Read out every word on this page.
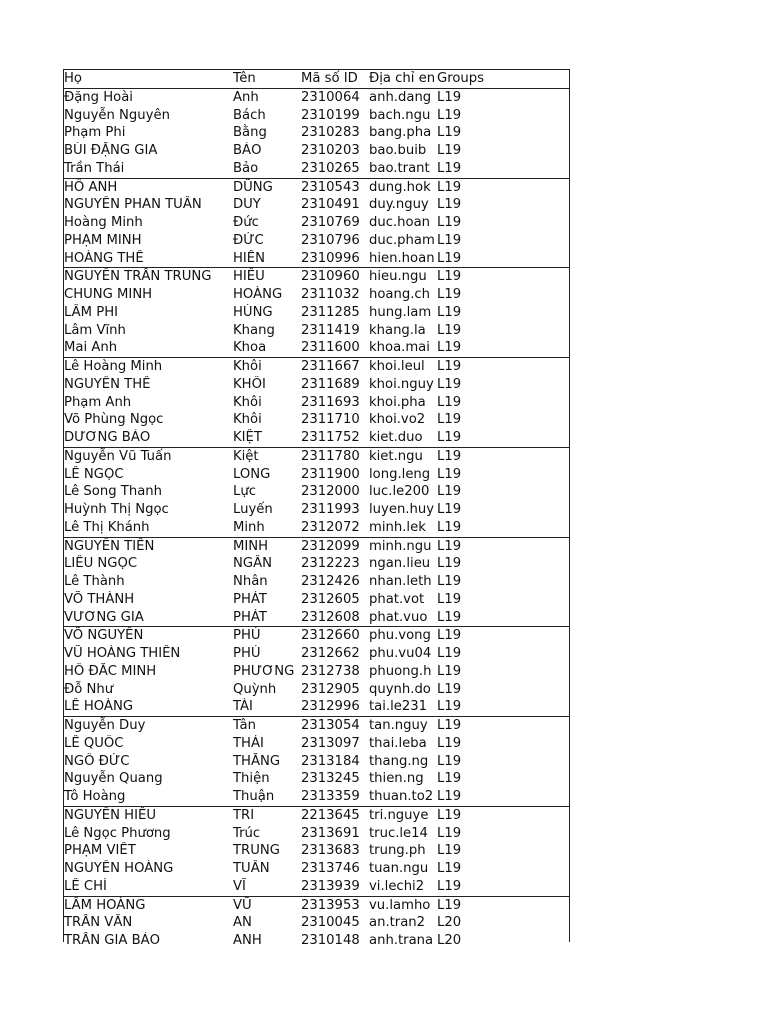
Họ	Tên	Mã số ID Địa chỉ en Groups
Đặng Hoài	Anh	2310064 anh.dang L19
Nguyễn Nguyên	Bách	2310199 bach.ngu L19
Phạm Phi	Bằng	2310283 bang.pha L19
BÙI ĐẶNG GIA	BẢO	2310203 bao.buib L19
Trần Thái	Bảo	2310265 bao.trant L19
HỒ ANH	DŨNG	2310543 dung.hok L19
NGUYỄN PHAN TUẤN	DUY	2310491 duy.nguy L19
Hoàng Minh	Đức	2310769 duc.hoan L19
PHẠM MINH	ĐỨC	2310796 duc.pham L19
HOÀNG THẾ	HIỀN	2310996 hien.hoan L19
NGUYỄN TRẦN TRUNG	HIẾU	2310960 hieu.ngu L19
CHUNG MINH	HOÀNG	2311032 hoang.ch L19
LÂM PHI	HÙNG	2311285 hung.lam L19
Lâm Vĩnh	Khang	2311419 khang.la L19
Mai Anh	Khoa	2311600 khoa.mai L19
Lê Hoàng Minh	Khôi	2311667 khoi.leul L19
NGUYỄN THẾ	KHÔI	2311689 khoi.nguy L19
Phạm Anh	Khôi	2311693 khoi.pha L19
Võ Phùng Ngọc	Khôi	2311710 khoi.vo2 L19
DƯƠNG BẢO	KIỆT	2311752 kiet.duo	L19
Nguyễn Vũ Tuấn	Kiệt	2311780 kiet.ngu	L19
LÊ NGỌC	LONG	2311900 long.leng L19
Lê Song Thanh	Lực	2312000 luc.le200 L19
Huỳnh Thị Ngọc	Luyến	2311993 luyen.huy L19
Lê Thị Khánh	Minh	2312072 minh.lek L19
NGUYỄN TIẾN	MINH	2312099 minh.ngu L19
LIÊU NGỌC	NGÂN	2312223 ngan.lieu L19
Lê Thành	Nhân	2312426 nhan.leth L19
VÕ THÀNH	PHÁT	2312605 phat.vot L19
VƯƠNG GIA	PHÁT	2312608 phat.vuo L19
VÕ NGUYÊN	PHÚ	2312660 phu.vong L19
VŨ HOÀNG THIÊN	PHÚ	2312662 phu.vu04 L19
HỒ ĐẮC MINH	PHƯƠNG 2312738 phuong.h L19
Đỗ Như	Quỳnh	2312905 quynh.do L19
LÊ HOÀNG	TÀI	2312996 tai.le231 L19
Nguyễn Duy	Tân	2313054 tan.nguy L19
LÊ QUỐC	THÁI	2313097 thai.leba L19
NGÔ ĐỨC	THẮNG	2313184 thang.ng L19
Nguyễn Quang	Thiện	2313245 thien.ng	L19
Tô Hoàng	Thuận	2313359 thuan.to2 L19
NGUYỄN HIẾU	TRI	2213645 tri.nguye L19
Lê Ngọc Phương	Trúc	2313691 truc.le14 L19
PHẠM VIẾT	TRUNG	2313683 trung.ph L19
NGUYỄN HOÀNG	TUẤN	2313746 tuan.ngu L19
LÊ CHÍ	VĨ	2313939 vi.lechi2 L19
LÂM HOÀNG	VŨ	2313953 vu.lamho L19
TRẦN VĂN	AN	2310045 an.tran2 L20
TRẦN GIA BẢO	ANH	2310148 anh.trana L20
